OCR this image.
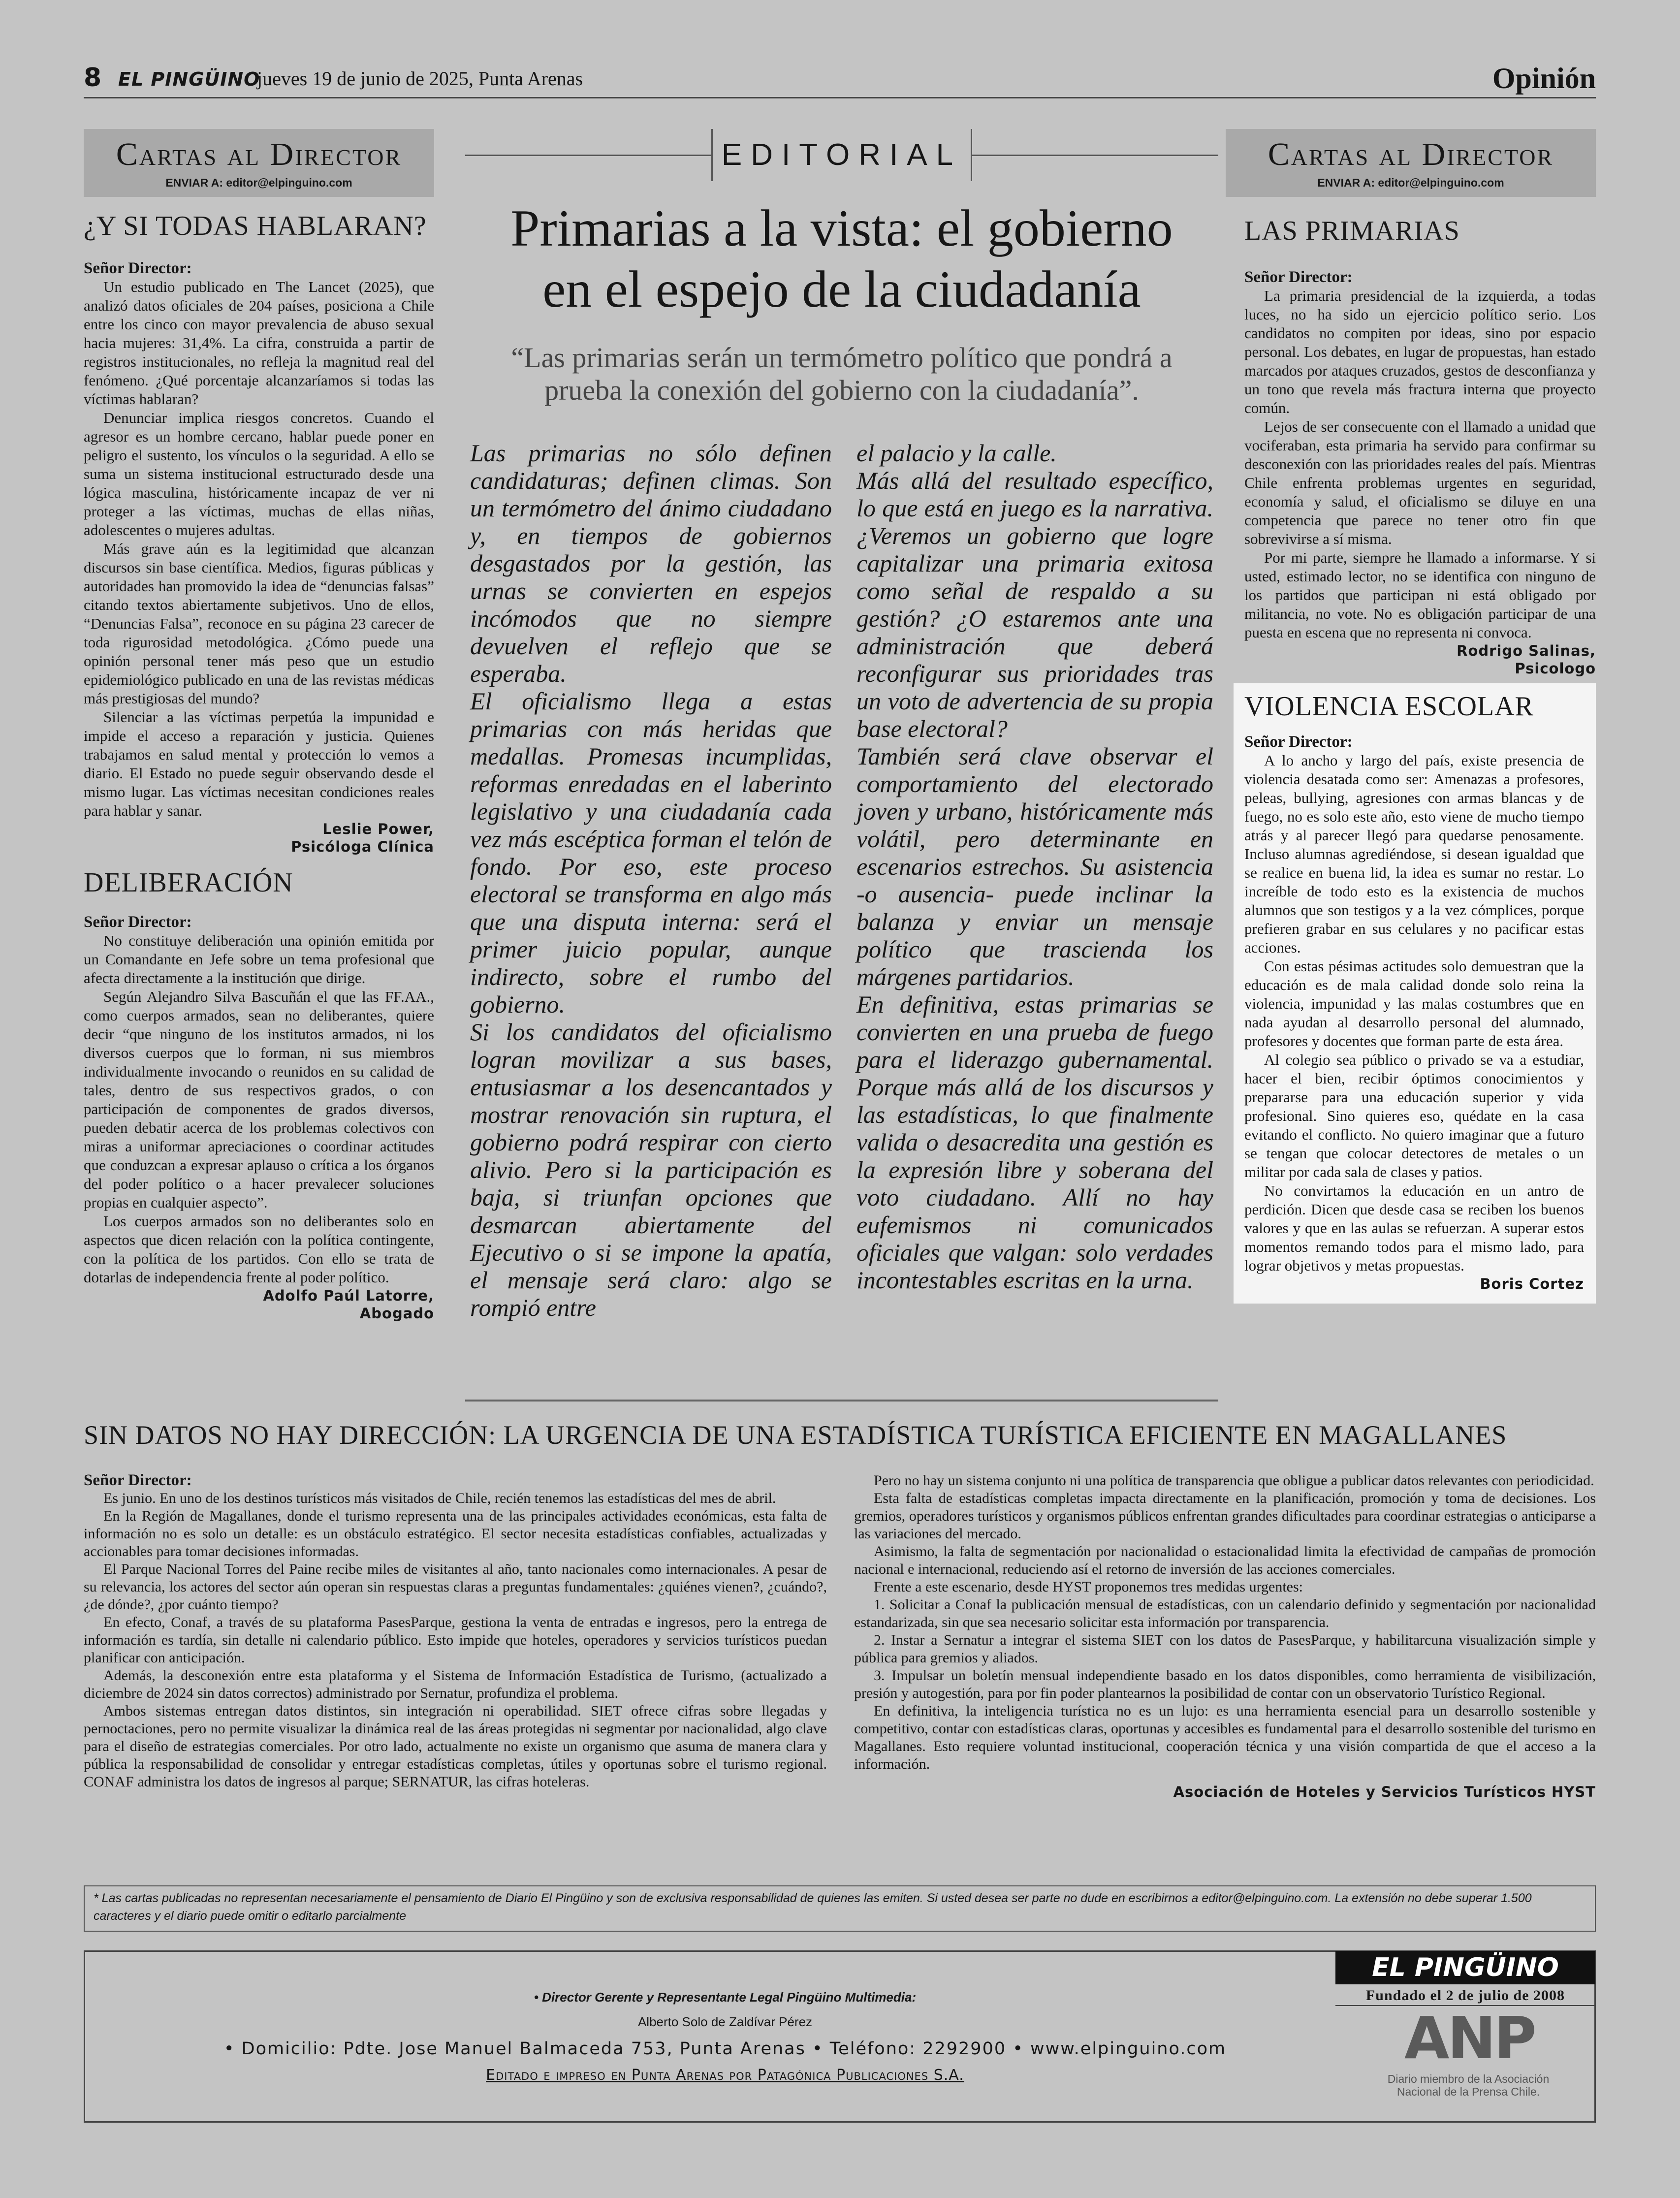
8 EL PINGÜINO
jueves 19 de junio de 2025, Punta Arenas	Opinión
Cartas al Director
ENVIAR A: editor@elpinguino.com
¿Y SI TODAS HABLARAN?

Señor Director:

Un estudio publicado en The Lancet (2025), que analizó datos oficiales de 204 países, posiciona a Chile entre los cinco con mayor prevalencia de abuso sexual hacia mujeres: 31,4%. La cifra, construida a partir de registros institucionales, no refleja la magnitud real del fenómeno. ¿Qué porcentaje alcanzaríamos si todas las víctimas hablaran?

Denunciar implica riesgos concretos. Cuando el agresor es un hombre cercano, hablar puede poner en peligro el sustento, los vínculos o la seguridad. A ello se suma un sistema institucional estructurado desde una lógica masculina, históricamente incapaz de ver ni proteger a las víctimas, muchas de ellas niñas, adolescentes o mujeres adultas.

Más grave aún es la legitimidad que alcanzan discursos sin base científica. Medios, figuras públicas y autoridades han promovido la idea de “denuncias falsas” citando textos abiertamente subjetivos. Uno de ellos, “Denuncias Falsa”, reconoce en su página 23 carecer de toda rigurosidad metodológica. ¿Cómo puede una opinión personal tener más peso que un estudio epidemiológico publicado en una de las revistas médicas más prestigiosas del mundo?

Silenciar a las víctimas perpetúa la impunidad e impide el acceso a reparación y justicia. Quienes trabajamos en salud mental y protección lo vemos a diario. El Estado no puede seguir observando desde el mismo lugar. Las víctimas necesitan condiciones reales para hablar y sanar.

Leslie Power,
Psicóloga Clínica
DELIBERACIÓN

Señor Director:

No constituye deliberación una opinión emitida por un Comandante en Jefe sobre un tema profesional que afecta directamente a la institución que dirige.

Según Alejandro Silva Bascuñán el que las FF.AA., como cuerpos armados, sean no deliberantes, quiere decir “que ninguno de los institutos armados, ni los diversos cuerpos que lo forman, ni sus miembros individualmente invocando o reunidos en su calidad de tales, dentro de sus respectivos grados, o con participación de componentes de grados diversos, pueden debatir acerca de los problemas colectivos con miras a uniformar apreciaciones o coordinar actitudes que conduzcan a expresar aplauso o crítica a los órganos del poder político o a hacer prevalecer soluciones propias en cualquier aspecto”.

Los cuerpos armados son no deliberantes solo en aspectos que dicen relación con la política contingente, con la política de los partidos. Con ello se trata de dotarlas de independencia frente al poder político.

Adolfo Paúl Latorre,
Abogado
EDITORIAL
Primarias a la vista: el gobierno en el espejo de la ciudadanía
“Las primarias serán un termómetro político que pondrá a prueba la conexión del gobierno con la ciudadanía”.

Las primarias no sólo definen candidaturas; definen climas. Son un termómetro del ánimo ciudadano y, en tiempos de gobiernos desgastados por la gestión, las urnas se convierten en espejos incómodos que no siempre devuelven el reflejo que se esperaba.

El oficialismo llega a estas primarias con más heridas que medallas. Promesas incumplidas, reformas enredadas en el laberinto legislativo y una ciudadanía cada vez más escéptica forman el telón de fondo. Por eso, este proceso electoral se transforma en algo más que una disputa interna: será el primer juicio popular, aunque indirecto, sobre el rumbo del gobierno.

Si los candidatos del oficialismo logran movilizar a sus bases, entusiasmar a los desencantados y mostrar renovación sin ruptura, el gobierno podrá respirar con cierto alivio. Pero si la participación es baja, si triunfan opciones que desmarcan abiertamente del Ejecutivo o si se impone la apatía, el mensaje será claro: algo se rompió entre

el palacio y la calle.

Más allá del resultado específico, lo que está en juego es la narrativa. ¿Veremos un gobierno que logre capitalizar una primaria exitosa como señal de respaldo a su gestión? ¿O estaremos ante una administración que deberá reconfigurar sus prioridades tras un voto de advertencia de su propia base electoral?

También será clave observar el comportamiento del electorado joven y urbano, históricamente más volátil, pero determinante en escenarios estrechos. Su asistencia -o ausencia- puede inclinar la balanza y enviar un mensaje político que trascienda los márgenes partidarios.

En definitiva, estas primarias se convierten en una prueba de fuego para el liderazgo gubernamental. Porque más allá de los discursos y las estadísticas, lo que finalmente valida o desacredita una gestión es la expresión libre y soberana del voto ciudadano. Allí no hay eufemismos ni comunicados oficiales que valgan: solo verdades incontestables escritas en la urna.

Cartas al Director
ENVIAR A: editor@elpinguino.com
LAS PRIMARIAS

Señor Director:

La primaria presidencial de la izquierda, a todas luces, no ha sido un ejercicio político serio. Los candidatos no compiten por ideas, sino por espacio personal. Los debates, en lugar de propuestas, han estado marcados por ataques cruzados, gestos de desconfianza y un tono que revela más fractura interna que proyecto común.

Lejos de ser consecuente con el llamado a unidad que vociferaban, esta primaria ha servido para confirmar su desconexión con las prioridades reales del país. Mientras Chile enfrenta problemas urgentes en seguridad, economía y salud, el oficialismo se diluye en una competencia que parece no tener otro fin que sobrevivirse a sí misma.

Por mi parte, siempre he llamado a informarse. Y si usted, estimado lector, no se identifica con ninguno de los partidos que participan ni está obligado por militancia, no vote. No es obligación participar de una puesta en escena que no representa ni convoca.

Rodrigo Salinas,
Psicologo
VIOLENCIA ESCOLAR

Señor Director:

A lo ancho y largo del país, existe presencia de violencia desatada como ser: Amenazas a profesores, peleas, bullying, agresiones con armas blancas y de fuego, no es solo este año, esto viene de mucho tiempo atrás y al parecer llegó para quedarse penosamente. Incluso alumnas agrediéndose, si desean igualdad que se realice en buena lid, la idea es sumar no restar. Lo increíble de todo esto es la existencia de muchos alumnos que son testigos y a la vez cómplices, porque prefieren grabar en sus celulares y no pacificar estas acciones.

Con estas pésimas actitudes solo demuestran que la educación es de mala calidad donde solo reina la violencia, impunidad y las malas costumbres que en nada ayudan al desarrollo personal del alumnado, profesores y docentes que forman parte de esta área.

Al colegio sea público o privado se va a estudiar, hacer el bien, recibir óptimos conocimientos y prepararse para una educación superior y vida profesional. Sino quieres eso, quédate en la casa evitando el conflicto. No quiero imaginar que a futuro se tengan que colocar detectores de metales o un militar por cada sala de clases y patios.

No convirtamos la educación en un antro de perdición. Dicen que desde casa se reciben los buenos valores y que en las aulas se refuerzan. A superar estos momentos remando todos para el mismo lado, para lograr objetivos y metas propuestas.

Boris Cortez
SIN DATOS NO HAY DIRECCIÓN: LA URGENCIA DE UNA ESTADÍSTICA TURÍSTICA EFICIENTE EN MAGALLANES

Señor Director:

Es junio. En uno de los destinos turísticos más visitados de Chile, recién tenemos las estadísticas del mes de abril.

En la Región de Magallanes, donde el turismo representa una de las principales actividades económicas, esta falta de información no es solo un detalle: es un obstáculo estratégico. El sector necesita estadísticas confiables, actualizadas y accionables para tomar decisiones informadas.

El Parque Nacional Torres del Paine recibe miles de visitantes al año, tanto nacionales como internacionales. A pesar de su relevancia, los actores del sector aún operan sin respuestas claras a preguntas fundamentales: ¿quiénes vienen?, ¿cuándo?, ¿de dónde?, ¿por cuánto tiempo?

En efecto, Conaf, a través de su plataforma PasesParque, gestiona la venta de entradas e ingresos, pero la entrega de información es tardía, sin detalle ni calendario público. Esto impide que hoteles, operadores y servicios turísticos puedan planificar con anticipación.

Además, la desconexión entre esta plataforma y el Sistema de Información Estadística de Turismo, (actualizado a diciembre de 2024 sin datos correctos) administrado por Sernatur, profundiza el problema.

Ambos sistemas entregan datos distintos, sin integración ni operabilidad. SIET ofrece cifras sobre llegadas y pernoctaciones, pero no permite visualizar la dinámica real de las áreas protegidas ni segmentar por nacionalidad, algo clave para el diseño de estrategias comerciales. Por otro lado, actualmente no existe un organismo que asuma de manera clara y pública la responsabilidad de consolidar y entregar estadísticas completas, útiles y oportunas sobre el turismo regional. CONAF administra los datos de ingresos al parque; SERNATUR, las cifras hoteleras.

Pero no hay un sistema conjunto ni una política de transparencia que obligue a publicar datos relevantes con periodicidad.

Esta falta de estadísticas completas impacta directamente en la planificación, promoción y toma de decisiones. Los gremios, operadores turísticos y organismos públicos enfrentan grandes dificultades para coordinar estrategias o anticiparse a las variaciones del mercado.

Asimismo, la falta de segmentación por nacionalidad o estacionalidad limita la efectividad de campañas de promoción nacional e internacional, reduciendo así el retorno de inversión de las acciones comerciales.

Frente a este escenario, desde HYST proponemos tres medidas urgentes:

1. Solicitar a Conaf la publicación mensual de estadísticas, con un calendario definido y segmentación por nacionalidad estandarizada, sin que sea necesario solicitar esta información por transparencia.

2. Instar a Sernatur a integrar el sistema SIET con los datos de PasesParque, y habilitarcuna visualización simple y pública para gremios y aliados.

3. Impulsar un boletín mensual independiente basado en los datos disponibles, como herramienta de visibilización, presión y autogestión, para por fin poder plantearnos la posibilidad de contar con un observatorio Turístico Regional.

En definitiva, la inteligencia turística no es un lujo: es una herramienta esencial para un desarrollo sostenible y competitivo, contar con estadísticas claras, oportunas y accesibles es fundamental para el desarrollo sostenible del turismo en Magallanes. Esto requiere voluntad institucional, cooperación técnica y una visión compartida de que el acceso a la información.

Asociación de Hoteles y Servicios Turísticos HYST
* Las cartas publicadas no representan necesariamente el pensamiento de Diario El Pingüino y son de exclusiva responsabilidad de quienes las emiten. Si usted desea ser parte no dude en escribirnos a editor@elpinguino.com. La extensión no debe superar 1.500 caracteres y el diario puede omitir o editarlo parcialmente
• Director Gerente y Representante Legal Pingüino Multimedia:
Alberto Solo de Zaldívar Pérez
• Domicilio: Pdte. Jose Manuel Balmaceda 753, Punta Arenas • Teléfono: 2292900 • www.elpinguino.com
Editado e impreso en Punta Arenas por Patagónica Publicaciones S.A.
EL PINGÜINO
Fundado el 2 de julio de 2008
ANP
Diario miembro de la Asociación
Nacional de la Prensa Chile.
